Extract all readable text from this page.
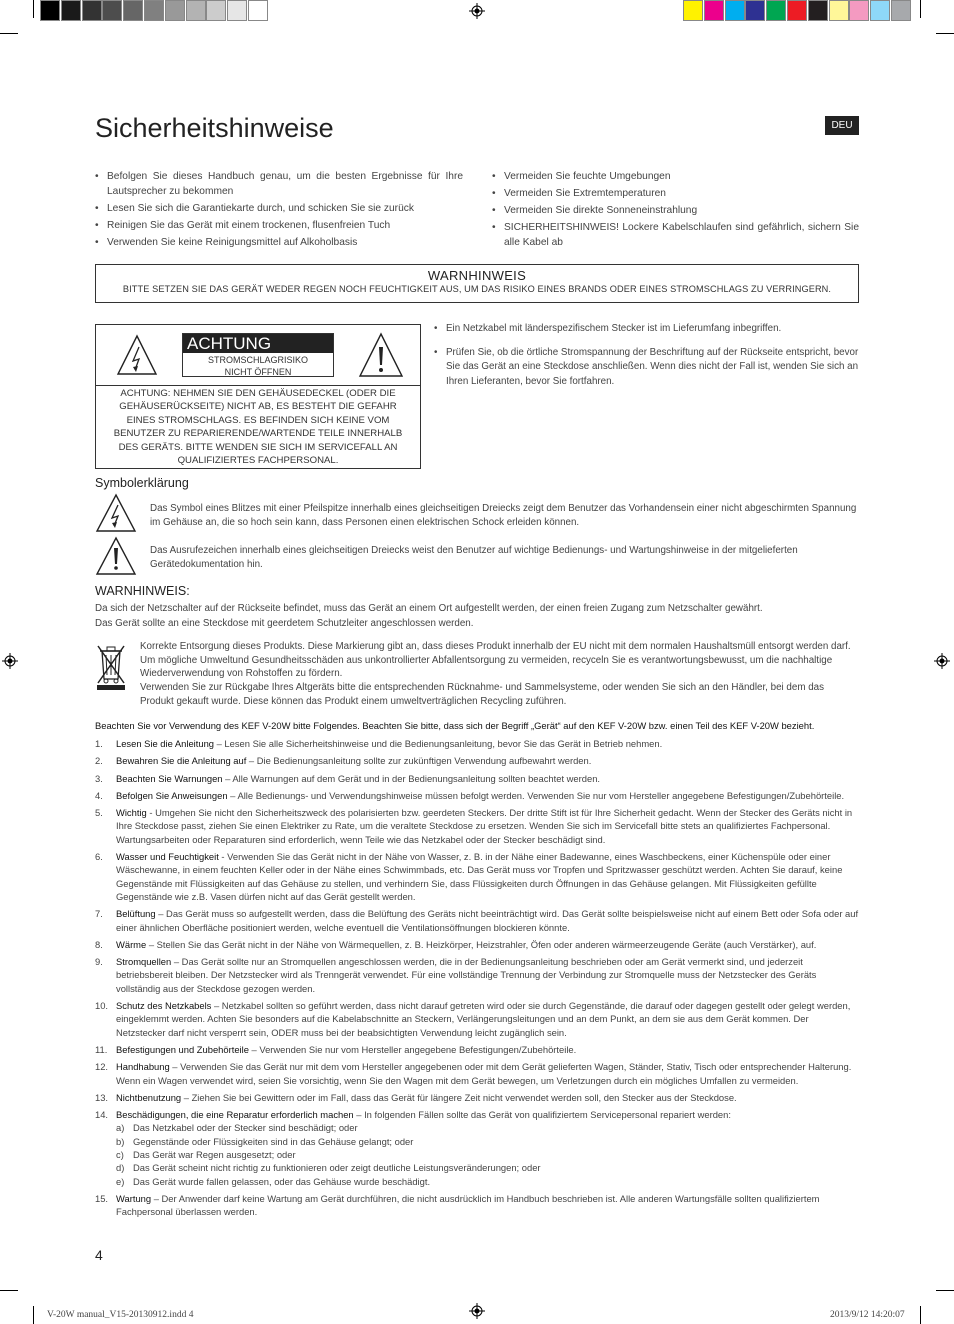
Sicherheitshinweise	DEU
• Befolgen Sie dieses Handbuch genau, um die besten Ergebnisse für Ihre Lautsprecher zu bekommen
• Lesen Sie sich die Garantiekarte durch, und schicken Sie sie zurück
• Reinigen Sie das Gerät mit einem trockenen, flusenfreien Tuch
• Verwenden Sie keine Reinigungsmittel auf Alkoholbasis
• Vermeiden Sie feuchte Umgebungen
• Vermeiden Sie Extremtemperaturen
• Vermeiden Sie direkte Sonneneinstrahlung
• SICHERHEITSHINWEIS! Lockere Kabelschlaufen sind gefährlich, sichern Sie alle Kabel ab
WARNHINWEIS
BITTE SETZEN SIE DAS GERÄT WEDER REGEN NOCH FEUCHTIGKEIT AUS, UM DAS RISIKO EINES BRANDS ODER EINES STROMSCHLAGS ZU VERRINGERN.
ACHTUNG
STROMSCHLAGRISIKO
NICHT ÖFFNEN
ACHTUNG: NEHMEN SIE DEN GEHÄUSEDECKEL (ODER DIE GEHÄUSERÜCKSEITE) NICHT AB, ES BESTEHT DIE GEFAHR EINES STROMSCHLAGS. ES BEFINDEN SICH KEINE VOM BENUTZER ZU REPARIERENDE/WARTENDE TEILE INNERHALB DES GERÄTS. BITTE WENDEN SIE SICH IM SERVICEFALL AN QUALIFIZIERTES FACHPERSONAL.
• Ein Netzkabel mit länderspezifischem Stecker ist im Lieferumfang inbegriffen.
• Prüfen Sie, ob die örtliche Stromspannung der Beschriftung auf der Rückseite entspricht, bevor Sie das Gerät an eine Steckdose anschließen. Wenn dies nicht der Fall ist, wenden Sie sich an Ihren Lieferanten, bevor Sie fortfahren.
Symbolerklärung
Das Symbol eines Blitzes mit einer Pfeilspitze innerhalb eines gleichseitigen Dreiecks zeigt dem Benutzer das Vorhandensein einer nicht abgeschirmten Spannung im Gehäuse an, die so hoch sein kann, dass Personen einen elektrischen Schock erleiden können.
Das Ausrufezeichen innerhalb eines gleichseitigen Dreiecks weist den Benutzer auf wichtige Bedienungs- und Wartungshinweise in der mitgelieferten Gerätedokumentation hin.
WARNHINWEIS:
Da sich der Netzschalter auf der Rückseite befindet, muss das Gerät an einem Ort aufgestellt werden, der einen freien Zugang zum Netzschalter gewährt.
Das Gerät sollte an eine Steckdose mit geerdetem Schutzleiter angeschlossen werden.
Korrekte Entsorgung dieses Produkts. Diese Markierung gibt an, dass dieses Produkt innerhalb der EU nicht mit dem normalen Haushaltsmüll entsorgt werden darf. Um mögliche Umweltund Gesundheitsschäden aus unkontrollierter Abfallentsorgung zu vermeiden, recyceln Sie es verantwortungsbewusst, um die nachhaltige Wiederverwendung von Rohstoffen zu fördern.
Verwenden Sie zur Rückgabe Ihres Altgeräts bitte die entsprechenden Rücknahme- und Sammelsysteme, oder wenden Sie sich an den Händler, bei dem das Produkt gekauft wurde. Diese können das Produkt einem umweltverträglichen Recycling zuführen.
Beachten Sie vor Verwendung des KEF V-20W bitte Folgendes. Beachten Sie bitte, dass sich der Begriff „Gerät“ auf den KEF V-20W bzw. einen Teil des KEF V-20W bezieht.
1. Lesen Sie die Anleitung – Lesen Sie alle Sicherheitshinweise und die Bedienungsanleitung, bevor Sie das Gerät in Betrieb nehmen.
2. Bewahren Sie die Anleitung auf – Die Bedienungsanleitung sollte zur zukünftigen Verwendung aufbewahrt werden.
3. Beachten Sie Warnungen – Alle Warnungen auf dem Gerät und in der Bedienungsanleitung sollten beachtet werden.
4. Befolgen Sie Anweisungen – Alle Bedienungs- und Verwendungshinweise müssen befolgt werden. Verwenden Sie nur vom Hersteller angegebene Befestigungen/Zubehörteile.
5. Wichtig - Umgehen Sie nicht den Sicherheitszweck des polarisierten bzw. geerdeten Steckers. Der dritte Stift ist für Ihre Sicherheit gedacht. Wenn der Stecker des Geräts nicht in Ihre Steckdose passt, ziehen Sie einen Elektriker zu Rate, um die veraltete Steckdose zu ersetzen. Wenden Sie sich im Servicefall bitte stets an qualifiziertes Fachpersonal. Wartungsarbeiten oder Reparaturen sind erforderlich, wenn Teile wie das Netzkabel oder der Stecker beschädigt sind.
6. Wasser und Feuchtigkeit - Verwenden Sie das Gerät nicht in der Nähe von Wasser, z. B. in der Nähe einer Badewanne, eines Waschbeckens, einer Küchenspüle oder einer Wäschewanne, in einem feuchten Keller oder in der Nähe eines Schwimmbads, etc. Das Gerät muss vor Tropfen und Spritzwasser geschützt werden. Achten Sie darauf, keine Gegenstände mit Flüssigkeiten auf das Gehäuse zu stellen, und verhindern Sie, dass Flüssigkeiten durch Öffnungen in das Gehäuse gelangen. Mit Flüssigkeiten gefüllte Gegenstände wie z.B. Vasen dürfen nicht auf das Gerät gestellt werden.
7. Belüftung – Das Gerät muss so aufgestellt werden, dass die Belüftung des Geräts nicht beeinträchtigt wird. Das Gerät sollte beispielsweise nicht auf einem Bett oder Sofa oder auf einer ähnlichen Oberfläche positioniert werden, welche eventuell die Ventilationsöffnungen blockieren könnte.
8. Wärme – Stellen Sie das Gerät nicht in der Nähe von Wärmequellen, z. B. Heizkörper, Heizstrahler, Öfen oder anderen wärmeerzeugende Geräte (auch Verstärker), auf.
9. Stromquellen – Das Gerät sollte nur an Stromquellen angeschlossen werden, die in der Bedienungsanleitung beschrieben oder am Gerät vermerkt sind, und jederzeit betriebsbereit bleiben. Der Netzstecker wird als Trenngerät verwendet. Für eine vollständige Trennung der Verbindung zur Stromquelle muss der Netzstecker des Geräts vollständig aus der Steckdose gezogen werden.
10. Schutz des Netzkabels – Netzkabel sollten so geführt werden, dass nicht darauf getreten wird oder sie durch Gegenstände, die darauf oder dagegen gestellt oder gelegt werden, eingeklemmt werden. Achten Sie besonders auf die Kabelabschnitte an Steckern, Verlängerungsleitungen und an dem Punkt, an dem sie aus dem Gerät kommen. Der Netzstecker darf nicht versperrt sein, ODER muss bei der beabsichtigten Verwendung leicht zugänglich sein.
11. Befestigungen und Zubehörteile – Verwenden Sie nur vom Hersteller angegebene Befestigungen/Zubehörteile.
12. Handhabung – Verwenden Sie das Gerät nur mit dem vom Hersteller angegebenen oder mit dem Gerät gelieferten Wagen, Ständer, Stativ, Tisch oder entsprechender Halterung. Wenn ein Wagen verwendet wird, seien Sie vorsichtig, wenn Sie den Wagen mit dem Gerät bewegen, um Verletzungen durch ein mögliches Umfallen zu vermeiden.
13. Nichtbenutzung – Ziehen Sie bei Gewittern oder im Fall, dass das Gerät für längere Zeit nicht verwendet werden soll, den Stecker aus der Steckdose.
14. Beschädigungen, die eine Reparatur erforderlich machen – In folgenden Fällen sollte das Gerät von qualifiziertem Servicepersonal repariert werden:
a) Das Netzkabel oder der Stecker sind beschädigt; oder
b) Gegenstände oder Flüssigkeiten sind in das Gehäuse gelangt; oder
c) Das Gerät war Regen ausgesetzt; oder
d) Das Gerät scheint nicht richtig zu funktionieren oder zeigt deutliche Leistungsveränderungen; oder
e) Das Gerät wurde fallen gelassen, oder das Gehäuse wurde beschädigt.
15. Wartung – Der Anwender darf keine Wartung am Gerät durchführen, die nicht ausdrücklich im Handbuch beschrieben ist. Alle anderen Wartungsfälle sollten qualifiziertem Fachpersonal überlassen werden.
4
V-20W manual_V15-20130912.indd 4	2013/9/12 14:20:07
